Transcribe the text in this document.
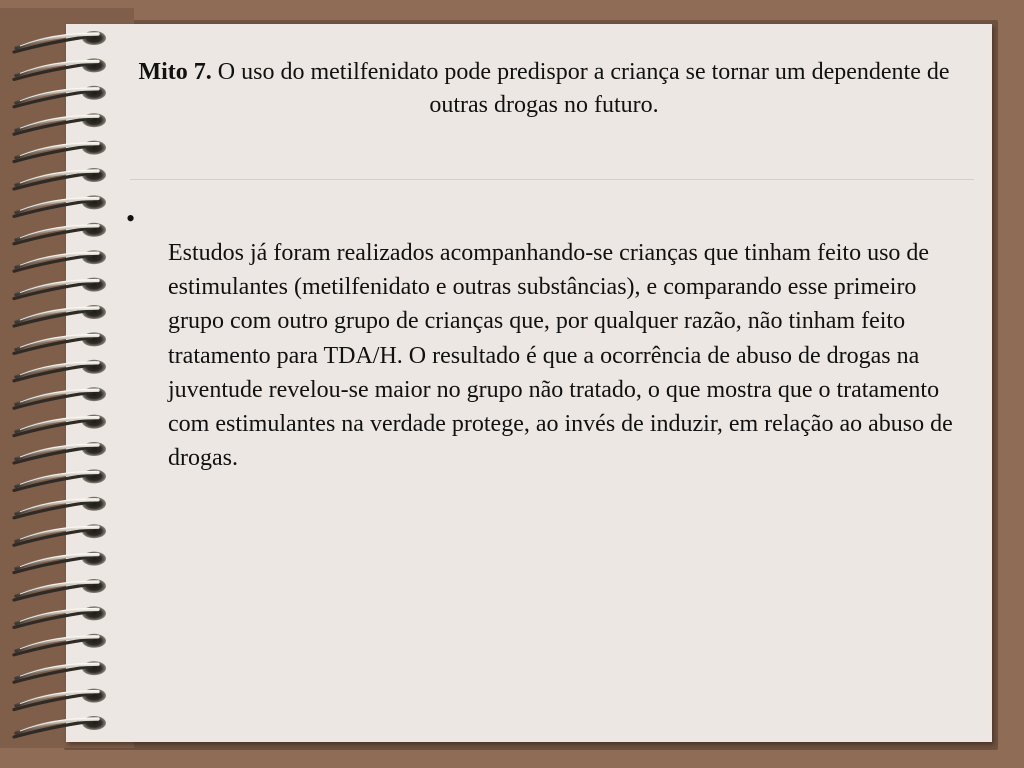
Mito 7. O uso do metilfenidato pode predispor a criança se tornar um dependente de outras drogas no futuro.
•

Estudos já foram realizados acompanhando-se crianças que tinham feito uso de estimulantes (metilfenidato e outras substâncias), e comparando esse primeiro grupo com outro grupo de crianças que, por qualquer razão, não tinham feito tratamento para TDA/H. O resultado é que a ocorrência de abuso de drogas na juventude revelou-se maior no grupo não tratado, o que mostra que o tratamento com estimulantes na verdade protege, ao invés de induzir, em relação ao abuso de drogas.
